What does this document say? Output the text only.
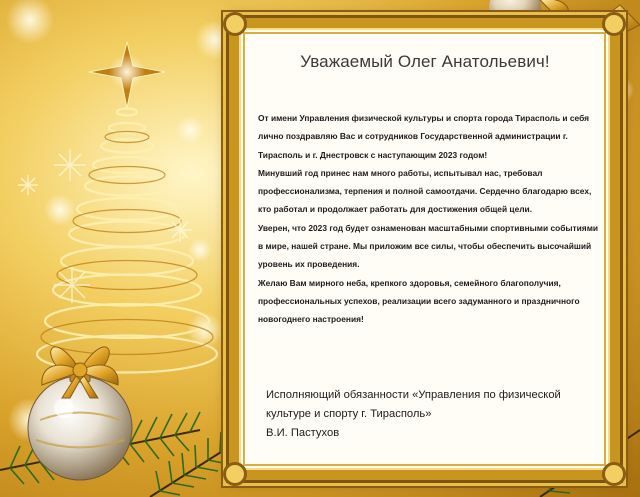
Уважаемый Олег Анатольевич!

От имени Управления физической культуры и спорта города Тирасполь и себя лично поздравляю Вас и сотрудников Государственной администрации г. Тирасполь и г. Днестровск с наступающим 2023 годом!

Минувший год принес нам много работы, испытывал нас, требовал профессионализма, терпения и полной самоотдачи. Сердечно благодарю всех, кто работал и продолжает работать для достижения общей цели.

Уверен, что 2023 год будет ознаменован масштабными спортивными событиями в мире, нашей стране. Мы приложим все силы, чтобы обеспечить высочайший уровень их проведения.

Желаю Вам мирного неба, крепкого здоровья, семейного благополучия, профессиональных успехов, реализации всего задуманного и праздничного новогоднего настроения!

Исполняющий обязанности «Управления по физической культуре и спорту г. Тирасполь»

В.И. Пастухов
